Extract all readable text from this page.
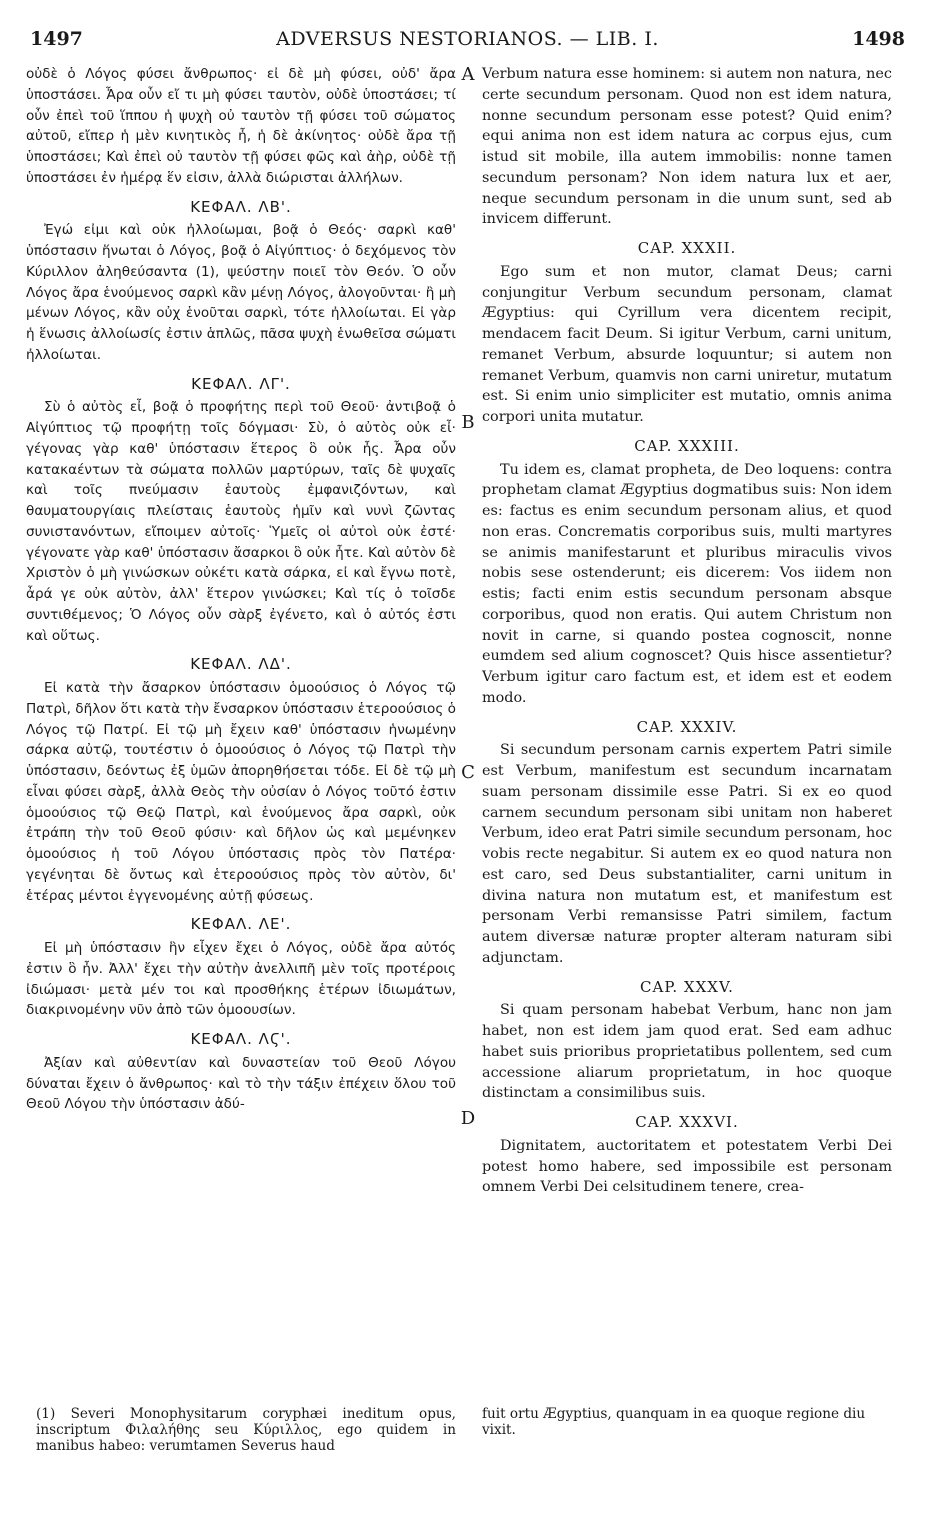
ADVERSUS NESTORIANOS. — LIB. I.
1497	1498

οὐδὲ ὁ Λόγος φύσει ἄνθρωπος· εἰ δὲ μὴ φύσει, οὐδ' ἄρα ὑποστάσει. Ἆρα οὖν εἴ τι μὴ φύσει ταυτὸν, οὐδὲ ὑποστάσει; τί οὖν ἐπεὶ τοῦ ἵππου ἡ ψυχὴ οὐ ταυτὸν τῇ φύσει τοῦ σώματος αὐτοῦ, εἴπερ ἡ μὲν κινητικὸς ἦ, ἡ δὲ ἀκίνητος· οὐδὲ ἄρα τῇ ὑποστάσει; Καὶ ἐπεὶ οὐ ταυτὸν τῇ φύσει φῶς καὶ ἀὴρ, οὐδὲ τῇ ὑποστάσει ἐν ἡμέρᾳ ἕν εἰσιν, ἀλλὰ διώρισται ἀλλήλων.

ΚΕΦΑΛ. ΛΒ'.

Ἐγώ εἰμι καὶ οὐκ ἠλλοίωμαι, βοᾷ ὁ Θεός· σαρκὶ καθ' ὑπόστασιν ἥνωται ὁ Λόγος, βοᾷ ὁ Αἰγύπτιος· ὁ δεχόμενος τὸν Κύριλλον ἀληθεύσαντα (1), ψεύστην ποιεῖ τὸν Θεόν. Ὁ οὖν Λόγος ἄρα ἑνούμενος σαρκὶ κἂν μένῃ Λόγος, ἀλογοῦνται· ἢ μὴ μένων Λόγος, κἂν οὐχ ἑνοῦται σαρκὶ, τότε ἠλλοίωται. Εἰ γὰρ ἡ ἕνωσις ἀλλοίωσίς ἐστιν ἁπλῶς, πᾶσα ψυχὴ ἑνωθεῖσα σώματι ἠλλοίωται.

ΚΕΦΑΛ. ΛΓ'.

Σὺ ὁ αὐτὸς εἶ, βοᾷ ὁ προφήτης περὶ τοῦ Θεοῦ· ἀντιβοᾷ ὁ Αἰγύπτιος τῷ προφήτῃ τοῖς δόγμασι· Σὺ, ὁ αὐτὸς οὐκ εἶ· γέγονας γὰρ καθ' ὑπόστασιν ἕτερος ὃ οὐκ ἦς. Ἆρα οὖν κατακαέντων τὰ σώματα πολλῶν μαρτύρων, ταῖς δὲ ψυχαῖς καὶ τοῖς πνεύμασιν ἑαυτοὺς ἐμφανιζόντων, καὶ θαυματουργίαις πλείσταις ἑαυτοὺς ἡμῖν καὶ νυνὶ ζῶντας συνιστανόντων, εἴποιμεν αὐτοῖς· Ὑμεῖς οἱ αὐτοὶ οὐκ ἐστέ· γέγονατε γὰρ καθ' ὑπόστασιν ἄσαρκοι ὃ οὐκ ἦτε. Καὶ αὐτὸν δὲ Χριστὸν ὁ μὴ γινώσκων οὐκέτι κατὰ σάρκα, εἰ καὶ ἔγνω ποτὲ, ἆρά γε οὐκ αὐτὸν, ἀλλ' ἕτερον γινώσκει; Καὶ τίς ὁ τοῖσδε συντιθέμενος; Ὁ Λόγος οὖν σὰρξ ἐγένετο, καὶ ὁ αὐτός ἐστι καὶ οὕτως.

ΚΕΦΑΛ. ΛΔ'.

Εἰ κατὰ τὴν ἄσαρκον ὑπόστασιν ὁμοούσιος ὁ Λόγος τῷ Πατρὶ, δῆλον ὅτι κατὰ τὴν ἔνσαρκον ὑπόστασιν ἑτεροούσιος ὁ Λόγος τῷ Πατρί. Εἰ τῷ μὴ ἔχειν καθ' ὑπόστασιν ἡνωμένην σάρκα αὐτῷ, τουτέστιν ὁ ὁμοούσιος ὁ Λόγος τῷ Πατρὶ τὴν ὑπόστασιν, δεόντως ἐξ ὑμῶν ἀπορηθήσεται τόδε. Εἰ δὲ τῷ μὴ εἶναι φύσει σὰρξ, ἀλλὰ Θεὸς τὴν οὐσίαν ὁ Λόγος τοῦτό ἐστιν ὁμοούσιος τῷ Θεῷ Πατρὶ, καὶ ἑνούμενος ἄρα σαρκὶ, οὐκ ἐτράπη τὴν τοῦ Θεοῦ φύσιν· καὶ δῆλον ὡς καὶ μεμένηκεν ὁμοούσιος ἡ τοῦ Λόγου ὑπόστασις πρὸς τὸν Πατέρα· γεγένηται δὲ ὄντως καὶ ἑτεροούσιος πρὸς τὸν αὐτὸν, δι' ἑτέρας μέντοι ἐγγενομένης αὐτῇ φύσεως.

ΚΕΦΑΛ. ΛΕ'.

Εἰ μὴ ὑπόστασιν ἣν εἶχεν ἔχει ὁ Λόγος, οὐδὲ ἄρα αὐτός ἐστιν ὃ ἦν. Ἀλλ' ἔχει τὴν αὐτὴν ἀνελλιπῆ μὲν τοῖς προτέροις ἰδιώμασι· μετὰ μέν τοι καὶ προσθήκης ἑτέρων ἰδιωμάτων, διακρινομένην νῦν ἀπὸ τῶν ὁμοουσίων.

ΚΕΦΑΛ. ΛϚ'.

Ἀξίαν καὶ αὐθεντίαν καὶ δυναστείαν τοῦ Θεοῦ Λόγου δύναται ἔχειν ὁ ἄνθρωπος· καὶ τὸ τὴν τάξιν ἐπέχειν ὅλου τοῦ Θεοῦ Λόγου τὴν ὑπόστασιν ἀδύ-

A
B
C
D

Verbum natura esse hominem: si autem non natura, nec certe secundum personam. Quod non est idem natura, nonne secundum personam esse potest? Quid enim? equi anima non est idem natura ac corpus ejus, cum istud sit mobile, illa autem immobilis: nonne tamen secundum personam? Non idem natura lux et aer, neque secundum personam in die unum sunt, sed ab invicem differunt.

CAP. XXXII.

Ego sum et non mutor, clamat Deus; carni conjungitur Verbum secundum personam, clamat Ægyptius: qui Cyrillum vera dicentem recipit, mendacem facit Deum. Si igitur Verbum, carni unitum, remanet Verbum, absurde loquuntur; si autem non remanet Verbum, quamvis non carni uniretur, mutatum est. Si enim unio simpliciter est mutatio, omnis anima corpori unita mutatur.

CAP. XXXIII.

Tu idem es, clamat propheta, de Deo loquens: contra prophetam clamat Ægyptius dogmatibus suis: Non idem es: factus es enim secundum personam alius, et quod non eras. Concrematis corporibus suis, multi martyres se animis manifestarunt et pluribus miraculis vivos nobis sese ostenderunt; eis dicerem: Vos iidem non estis; facti enim estis secundum personam absque corporibus, quod non eratis. Qui autem Christum non novit in carne, si quando postea cognoscit, nonne eumdem sed alium cognoscet? Quis hisce assentietur? Verbum igitur caro factum est, et idem est et eodem modo.

CAP. XXXIV.

Si secundum personam carnis expertem Patri simile est Verbum, manifestum est secundum incarnatam suam personam dissimile esse Patri. Si ex eo quod carnem secundum personam sibi unitam non haberet Verbum, ideo erat Patri simile secundum personam, hoc vobis recte negabitur. Si autem ex eo quod natura non est caro, sed Deus substantialiter, carni unitum in divina natura non mutatum est, et manifestum est personam Verbi remansisse Patri similem, factum autem diversæ naturæ propter alteram naturam sibi adjunctam.

CAP. XXXV.

Si quam personam habebat Verbum, hanc non jam habet, non est idem jam quod erat. Sed eam adhuc habet suis prioribus proprietatibus pollentem, sed cum accessione aliarum proprietatum, in hoc quoque distinctam a consimilibus suis.

CAP. XXXVI.

Dignitatem, auctoritatem et potestatem Verbi Dei potest homo habere, sed impossibile est personam omnem Verbi Dei celsitudinem tenere, crea-

(1) Severi Monophysitarum coryphæi ineditum opus, inscriptum Φιλαλήθης seu Κύριλλος, ego quidem in manibus habeo: verumtamen Severus haud
fuit ortu Ægyptius, quanquam in ea quoque regione diu vixit.
